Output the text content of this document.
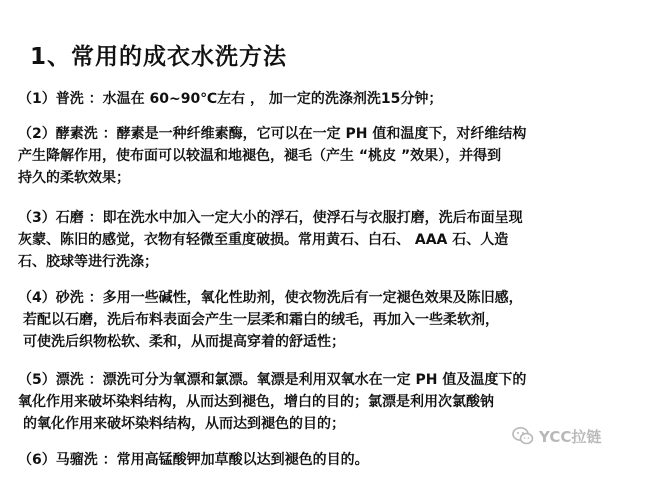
1、常用的成衣水洗方法
（1）普洗 ：水温在 60~90℃左右 ， 加一定的洗涤剂洗15分钟；
（2）酵素洗 ：酵素是一种纤维素酶，它可以在一定 PH 值和温度下，对纤维结构
产生降解作用，使布面可以较温和地褪色，褪毛（产生 “桃皮 ”效果），并得到
持久的柔软效果；
（3）石磨 ：即在洗水中加入一定大小的浮石，使浮石与衣服打磨，洗后布面呈现
灰蒙、陈旧的感觉，衣物有轻微至重度破损。常用黄石、白石、 AAA 石、人造
石、胶球等进行洗涤；
（4）砂洗 ：多用一些碱性，氧化性助剂，使衣物洗后有一定褪色效果及陈旧感，
若配以石磨，洗后布料表面会产生一层柔和霜白的绒毛，再加入一些柔软剂，
可使洗后织物松软、柔和，从而提高穿着的舒适性；
（5）漂洗 ：漂洗可分为氧漂和氯漂。氧漂是利用双氧水在一定 PH 值及温度下的
氧化作用来破坏染料结构，从而达到褪色，增白的目的；氯漂是利用次氯酸钠
的氧化作用来破坏染料结构，从而达到褪色的目的；
（6）马骝洗 ：常用高锰酸钾加草酸以达到褪色的目的。
YCC拉链
